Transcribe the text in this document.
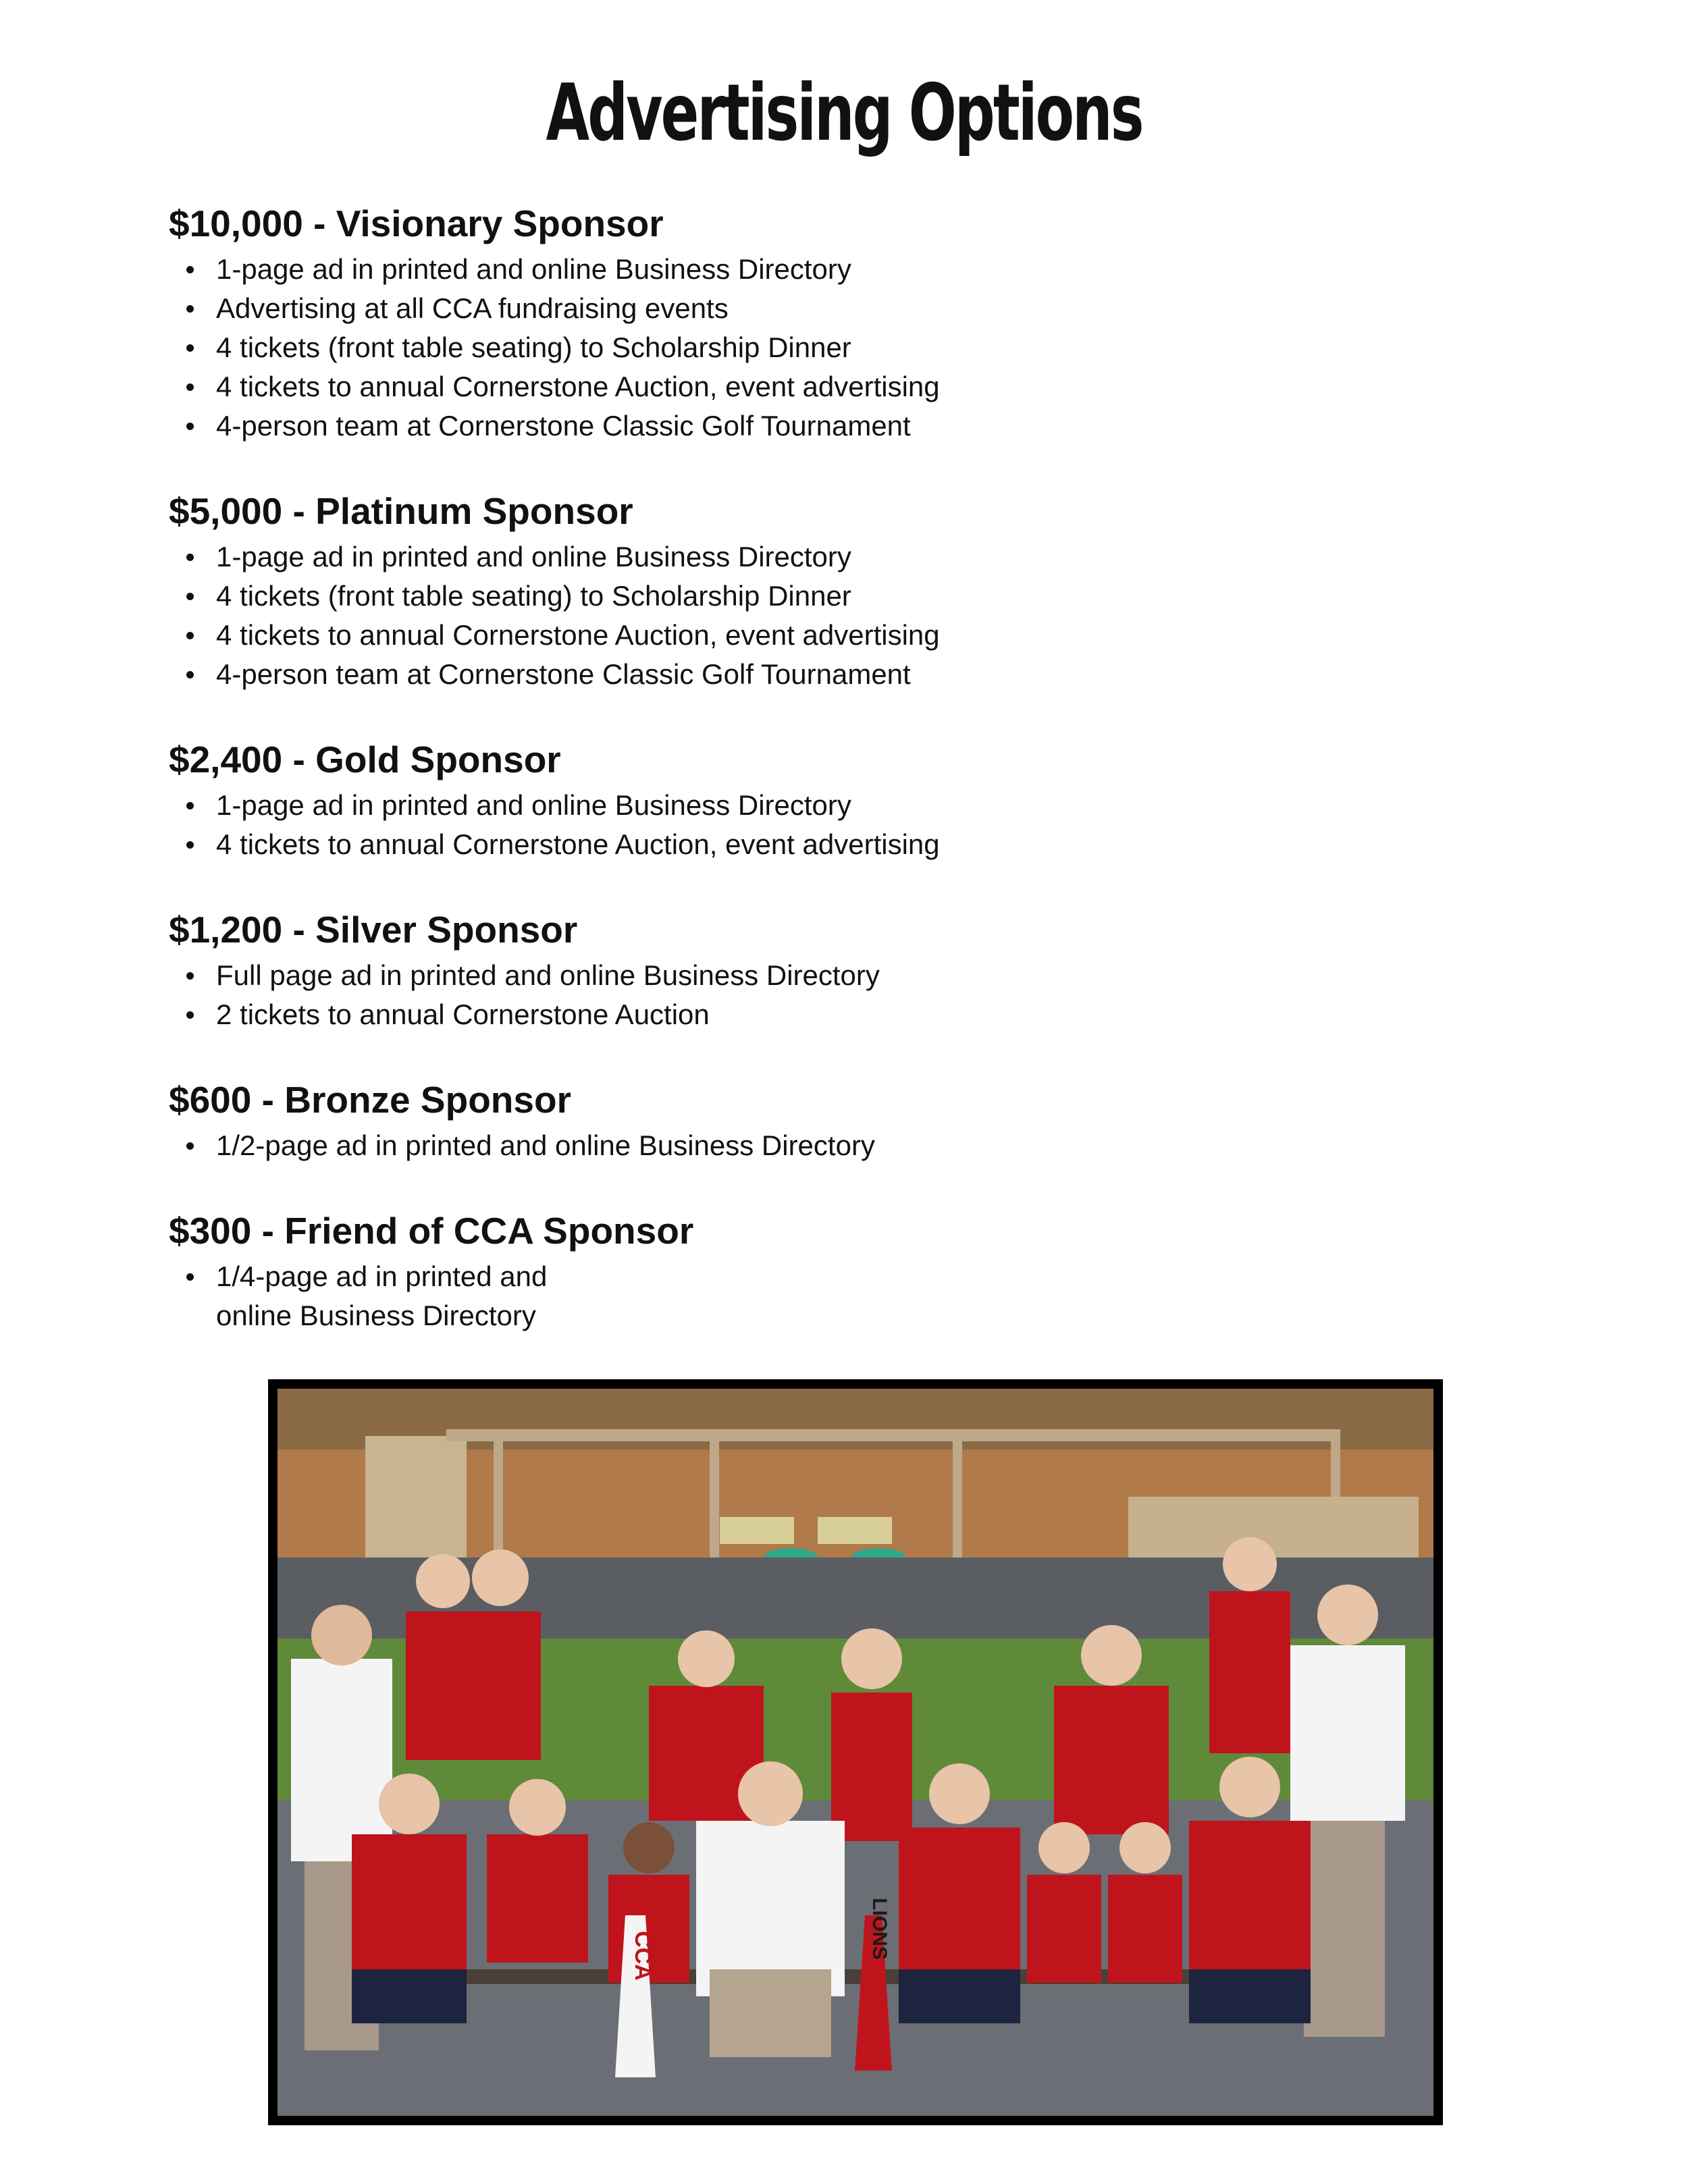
Advertising Options
$10,000 - Visionary Sponsor
1-page ad in printed and online Business Directory
Advertising at all CCA fundraising events
4 tickets (front table seating) to Scholarship Dinner
4 tickets to annual Cornerstone Auction, event advertising
4-person team at Cornerstone Classic Golf Tournament
$5,000 - Platinum Sponsor
1-page ad in printed and online Business Directory
4 tickets (front table seating) to Scholarship Dinner
4 tickets to annual Cornerstone Auction, event advertising
4-person team at Cornerstone Classic Golf Tournament
$2,400 - Gold Sponsor
1-page ad in printed and online Business Directory
4 tickets to annual Cornerstone Auction, event advertising
$1,200 - Silver Sponsor
Full page ad in printed and online Business Directory
2 tickets to annual Cornerstone Auction
$600 - Bronze Sponsor
1/2-page ad in printed and online Business Directory
$300 - Friend of CCA Sponsor
1/4-page ad in printed and
online Business Directory
CCA	LIONS
